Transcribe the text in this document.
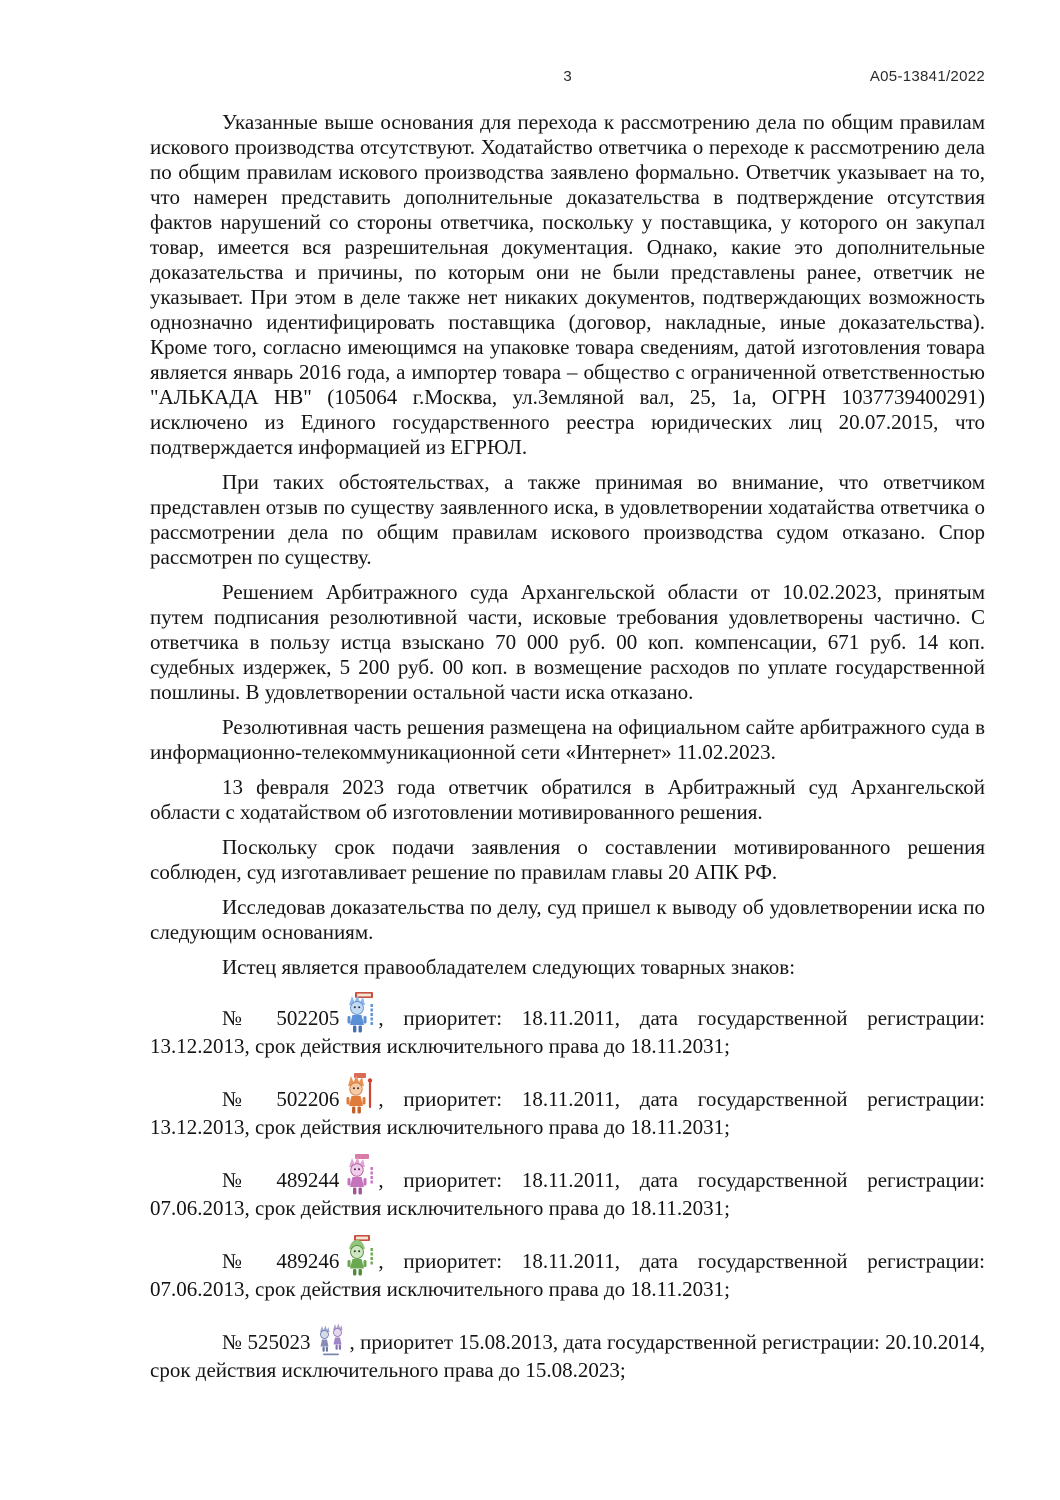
3	А05-13841/2022

Указанные выше основания для перехода к рассмотрению дела по общим правилам искового производства отсутствуют. Ходатайство ответчика о переходе к рассмотрению дела по общим правилам искового производства заявлено формально. Ответчик указывает на то, что намерен представить дополнительные доказательства в подтверждение отсутствия фактов нарушений со стороны ответчика, поскольку у поставщика, у которого он закупал товар, имеется вся разрешительная документация. Однако, какие это дополнительные доказательства и причины, по которым они не были представлены ранее, ответчик не указывает. При этом в деле также нет никаких документов, подтверждающих возможность однозначно идентифицировать поставщика (договор, накладные, иные доказательства). Кроме того, согласно имеющимся на упаковке товара сведениям, датой изготовления товара является январь 2016 года, а импортер товара – общество с ограниченной ответственностью "АЛЬКАДА НВ" (105064 г.Москва, ул.Земляной вал, 25, 1а, ОГРН 1037739400291) исключено из Единого государственного реестра юридических лиц 20.07.2015, что подтверждается информацией из ЕГРЮЛ.

При таких обстоятельствах, а также принимая во внимание, что ответчиком представлен отзыв по существу заявленного иска, в удовлетворении ходатайства ответчика о рассмотрении дела по общим правилам искового производства судом отказано. Спор рассмотрен по существу.

Решением Арбитражного суда Архангельской области от 10.02.2023, принятым путем подписания резолютивной части, исковые требования удовлетворены частично. С ответчика в пользу истца взыскано 70 000 руб. 00 коп. компенсации, 671 руб. 14 коп. судебных издержек, 5 200 руб. 00 коп. в возмещение расходов по уплате государственной пошлины. В удовлетворении остальной части иска отказано.

Резолютивная часть решения размещена на официальном сайте арбитражного суда в информационно-телекоммуникационной сети «Интернет» 11.02.2023.

13 февраля 2023 года ответчик обратился в Арбитражный суд Архангельской области с ходатайством об изготовлении мотивированного решения.

Поскольку срок подачи заявления о составлении мотивированного решения соблюден, суд изготавливает решение по правилам главы 20 АПК РФ.

Исследовав доказательства по делу, суд пришел к выводу об удовлетворении иска по следующим основаниям.

Истец является правообладателем следующих товарных знаков:

№ 502205 , приоритет: 18.11.2011, дата государственной регистрации: 13.12.2013, срок действия исключительного права до 18.11.2031;

№ 502206 , приоритет: 18.11.2011, дата государственной регистрации: 13.12.2013, срок действия исключительного права до 18.11.2031;

№ 489244 , приоритет: 18.11.2011, дата государственной регистрации: 07.06.2013, срок действия исключительного права до 18.11.2031;

№ 489246 , приоритет: 18.11.2011, дата государственной регистрации: 07.06.2013, срок действия исключительного права до 18.11.2031;

№ 525023 , приоритет 15.08.2013, дата государственной регистрации: 20.10.2014, срок действия исключительного права до 15.08.2023;
